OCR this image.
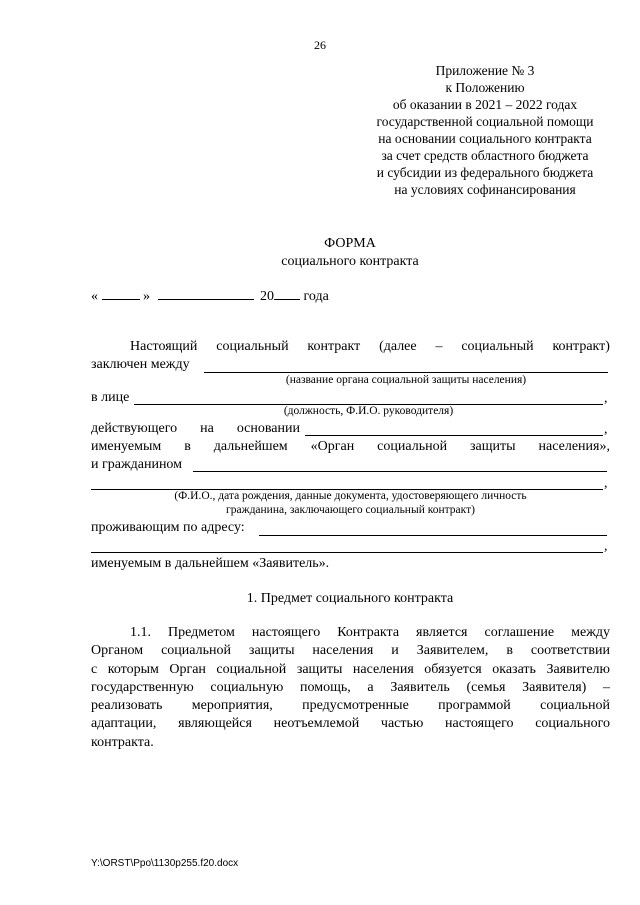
26
Приложение № 3
к Положению
об оказании в 2021 – 2022 годах
государственной социальной помощи
на основании социального контракта
за счет средств областного бюджета
и субсидии из федерального бюджета
на условиях софинансирования
ФОРМА
социального контракта
«	»	20 года
Настоящий социальный контракт (далее – социальный контракт)
заключен между
(название органа социальной защиты населения)
в лице	,
(должность, Ф.И.О. руководителя)
действующего на основании	,
именуемым в дальнейшем «Орган социальной защиты населения»,
и гражданином
,
(Ф.И.О., дата рождения, данные документа, удостоверяющего личность
гражданина, заключающего социальный контракт)
проживающим по адресу:
,
именуемым в дальнейшем «Заявитель».
1. Предмет социального контракта
1.1. Предметом настоящего Контракта является соглашение между
Органом социальной защиты населения и Заявителем, в соответствии
с которым Орган социальной защиты населения обязуется оказать Заявителю
государственную социальную помощь, а Заявитель (семья Заявителя) –
реализовать мероприятия, предусмотренные программой социальной
адаптации, являющейся неотъемлемой частью настоящего социального
контракта.
Y:\ORST\Ppo\1130p255.f20.docx
